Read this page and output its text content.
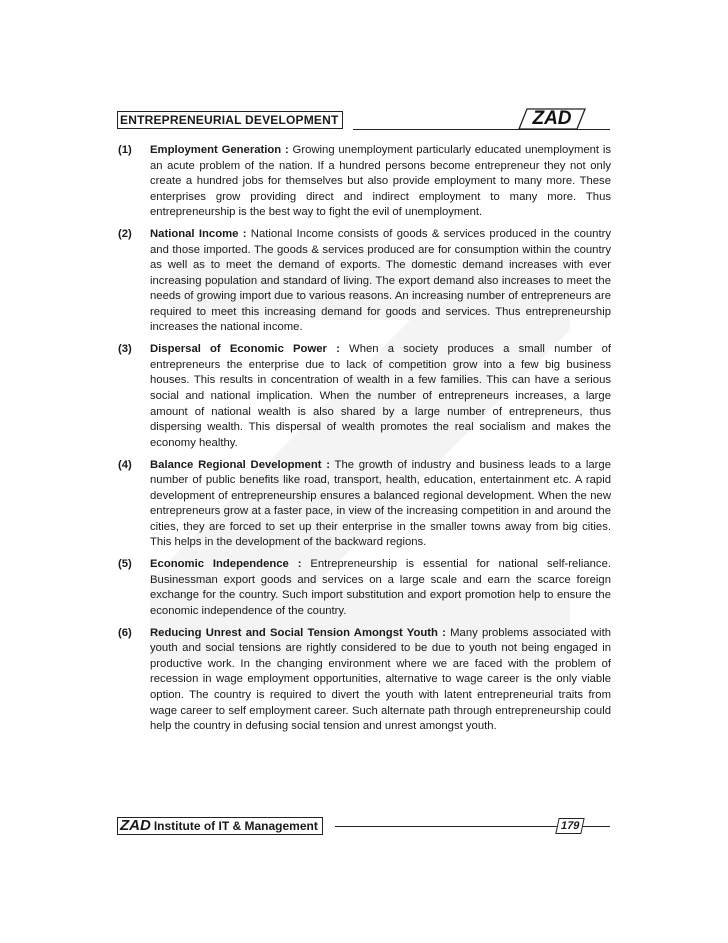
ENTREPRENEURIAL DEVELOPMENT	ZAD
(1) Employment Generation : Growing unemployment particularly educated unemployment is an acute problem of the nation. If a hundred persons become entrepreneur they not only create a hundred jobs for themselves but also provide employment to many more. These enterprises grow providing direct and indirect employment to many more. Thus entrepreneurship is the best way to fight the evil of unemployment.
(2) National Income : National Income consists of goods & services produced in the country and those imported. The goods & services produced are for consumption within the country as well as to meet the demand of exports. The domestic demand increases with ever increasing population and standard of living. The export demand also increases to meet the needs of growing import due to various reasons. An increasing number of entrepreneurs are required to meet this increasing demand for goods and services. Thus entrepreneurship increases the national income.
(3) Dispersal of Economic Power : When a society produces a small number of entrepreneurs the enterprise due to lack of competition grow into a few big business houses. This results in concentration of wealth in a few families. This can have a serious social and national implication. When the number of entrepreneurs increases, a large amount of national wealth is also shared by a large number of entrepreneurs, thus dispersing wealth. This dispersal of wealth promotes the real socialism and makes the economy healthy.
(4) Balance Regional Development : The growth of industry and business leads to a large number of public benefits like road, transport, health, education, entertainment etc. A rapid development of entrepreneurship ensures a balanced regional development. When the new entrepreneurs grow at a faster pace, in view of the increasing competition in and around the cities, they are forced to set up their enterprise in the smaller towns away from big cities. This helps in the development of the backward regions.
(5) Economic Independence : Entrepreneurship is essential for national self-reliance. Businessman export goods and services on a large scale and earn the scarce foreign exchange for the country. Such import substitution and export promotion help to ensure the economic independence of the country.
(6) Reducing Unrest and Social Tension Amongst Youth : Many problems associated with youth and social tensions are rightly considered to be due to youth not being engaged in productive work. In the changing environment where we are faced with the problem of recession in wage employment opportunities, alternative to wage career is the only viable option. The country is required to divert the youth with latent entrepreneurial traits from wage career to self employment career. Such alternate path through entrepreneurship could help the country in defusing social tension and unrest amongst youth.
ZAD Institute of IT & Management	179
